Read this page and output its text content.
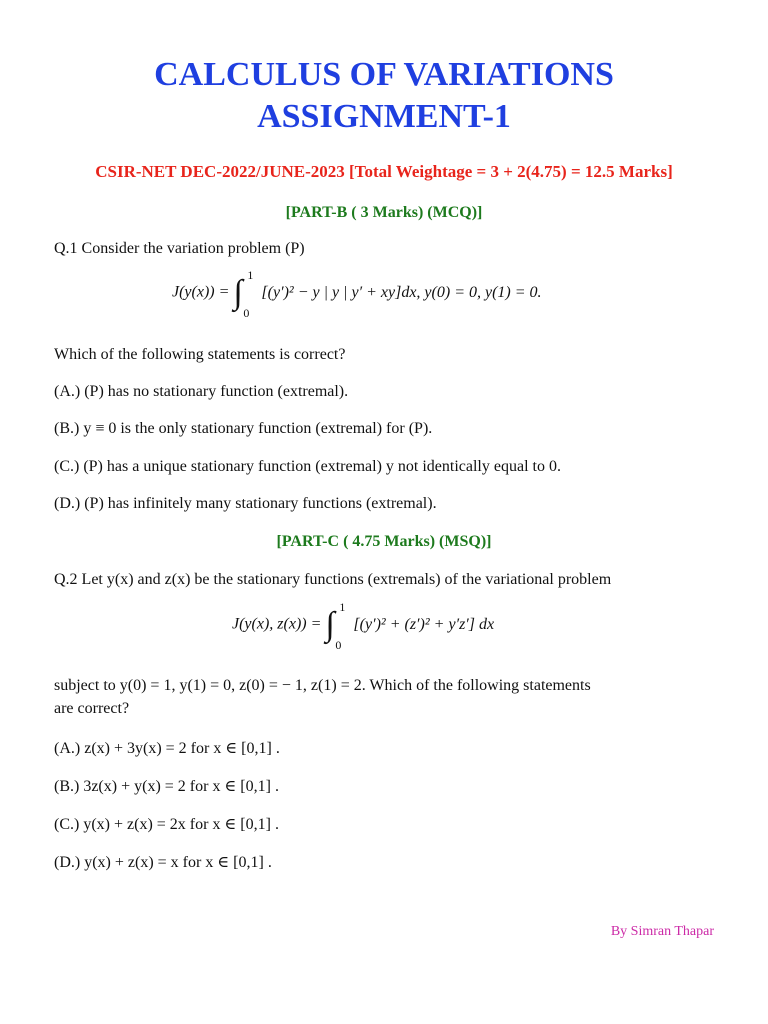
CALCULUS OF VARIATIONS
ASSIGNMENT-1
CSIR-NET DEC-2022/JUNE-2023 [Total Weightage = 3 + 2(4.75) = 12.5 Marks]
[PART-B ( 3 Marks) (MCQ)]
Q.1 Consider the variation problem (P)
J(y(x)) = ∫ 1
0
[(y′)² − y | y | y′ + xy]dx, y(0) = 0, y(1) = 0.
Which of the following statements is correct?
(A.) (P) has no stationary function (extremal).
(B.) y ≡ 0 is the only stationary function (extremal) for (P).
(C.) (P) has a unique stationary function (extremal) y not identically equal to 0.
(D.) (P) has infinitely many stationary functions (extremal).
[PART-C ( 4.75 Marks) (MSQ)]
Q.2 Let y(x) and z(x) be the stationary functions (extremals) of the variational problem
J(y(x), z(x)) = ∫ 1
0
[(y′)² + (z′)² + y′z′] dx
subject to y(0) = 1, y(1) = 0, z(0) = − 1, z(1) = 2. Which of the following statements
are correct?
(A.) z(x) + 3y(x) = 2 for x ∈ [0,1] .
(B.) 3z(x) + y(x) = 2 for x ∈ [0,1] .
(C.) y(x) + z(x) = 2x for x ∈ [0,1] .
(D.) y(x) + z(x) = x for x ∈ [0,1] .
By Simran Thapar
